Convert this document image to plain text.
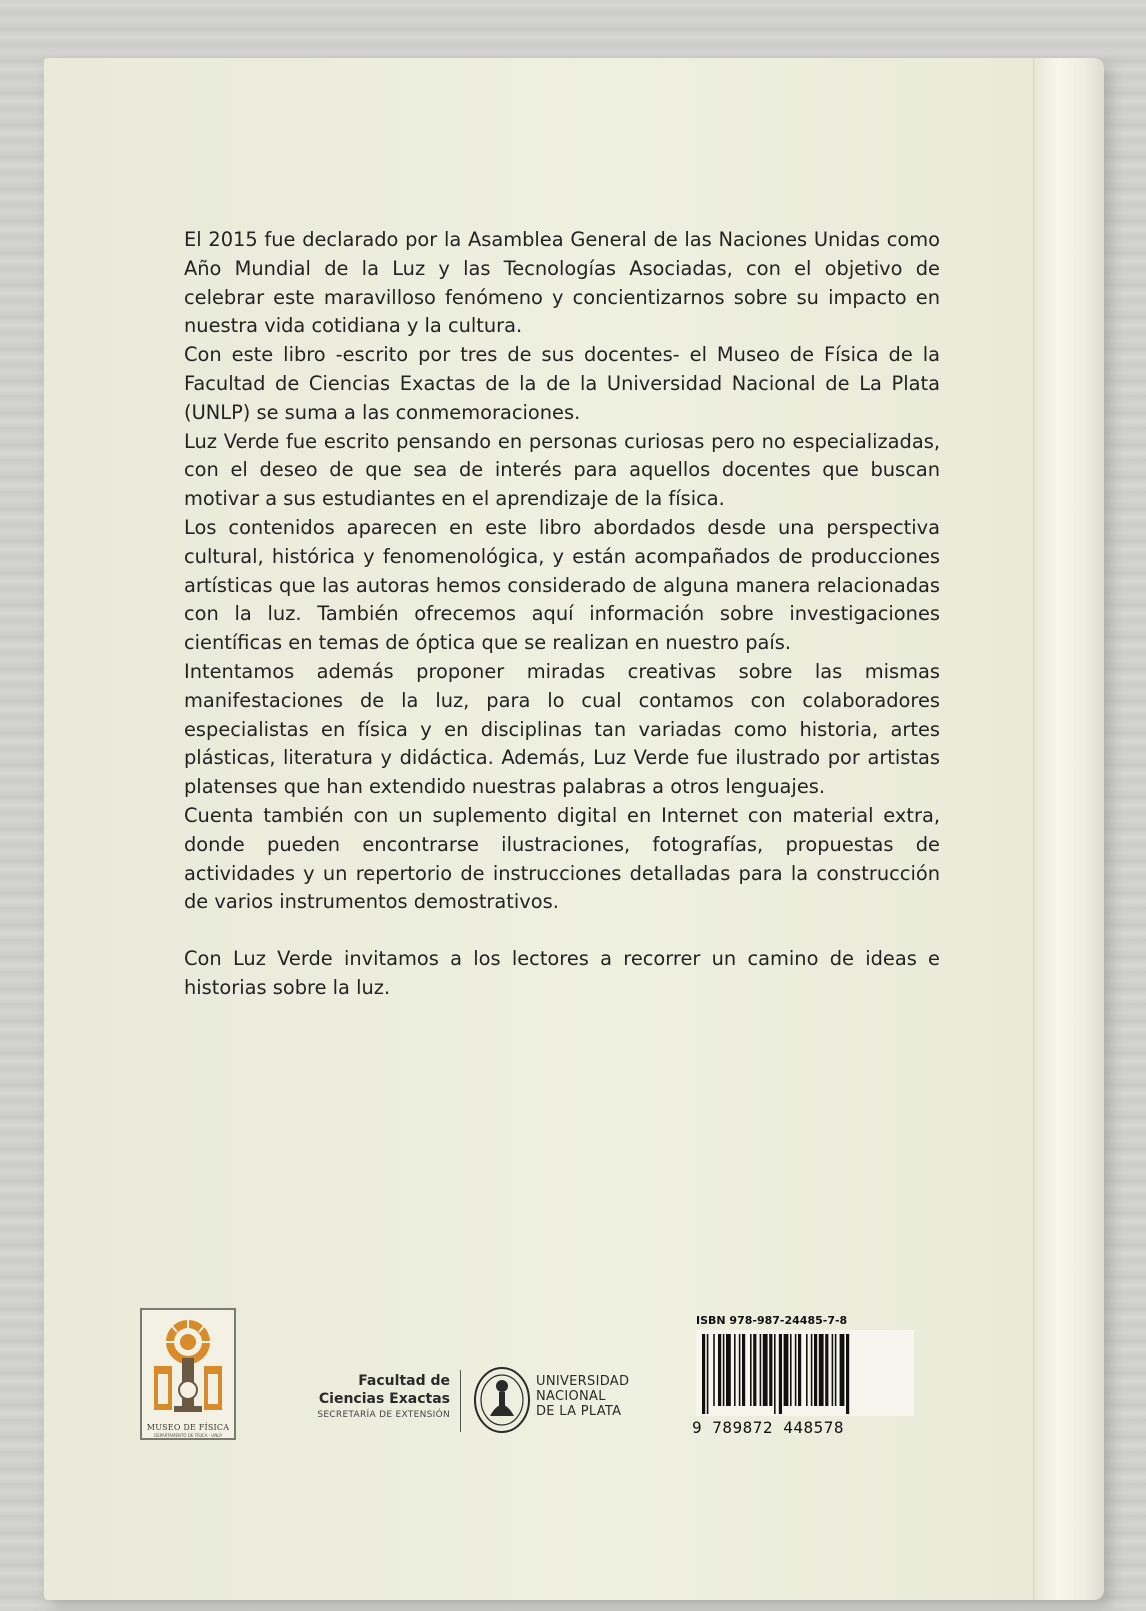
El 2015 fue declarado por la Asamblea General de las Naciones Unidas como Año Mundial de la Luz y las Tecnologías Asociadas, con el objetivo de celebrar este maravilloso fenómeno y concientizarnos sobre su impacto en nuestra vida cotidiana y la cultura.

Con este libro -escrito por tres de sus docentes- el Museo de Física de la Facultad de Ciencias Exactas de la de la Universidad Nacional de La Plata (UNLP) se suma a las conmemoraciones.

Luz Verde fue escrito pensando en personas curiosas pero no especializadas, con el deseo de que sea de interés para aquellos docentes que buscan motivar a sus estudiantes en el aprendizaje de la física.

Los contenidos aparecen en este libro abordados desde una perspectiva cultural, histórica y fenomenológica, y están acompañados de producciones artísticas que las autoras hemos considerado de alguna manera relacionadas con la luz. También ofrecemos aquí información sobre investigaciones científicas en temas de óptica que se realizan en nuestro país.

Intentamos además proponer miradas creativas sobre las mismas manifestaciones de la luz, para lo cual contamos con colaboradores especialistas en física y en disciplinas tan variadas como historia, artes plásticas, literatura y didáctica. Además, Luz Verde fue ilustrado por artistas platenses que han extendido nuestras palabras a otros lenguajes.

Cuenta también con un suplemento digital en Internet con material extra, donde pueden encontrarse ilustraciones, fotografías, propuestas de actividades y un repertorio de instrucciones detalladas para la construcción de varios instrumentos demostrativos.

Con Luz Verde invitamos a los lectores a recorrer un camino de ideas e historias sobre la luz.

MUSEO DE FÍSICA
DEPARTAMENTO DE FÍSICA · UNLP
Facultad de
Ciencias Exactas
SECRETARÍA DE EXTENSIÓN
UNIVERSIDAD
NACIONAL
DE LA PLATA
ISBN 978-987-24485-7-8
9 789872 448578
